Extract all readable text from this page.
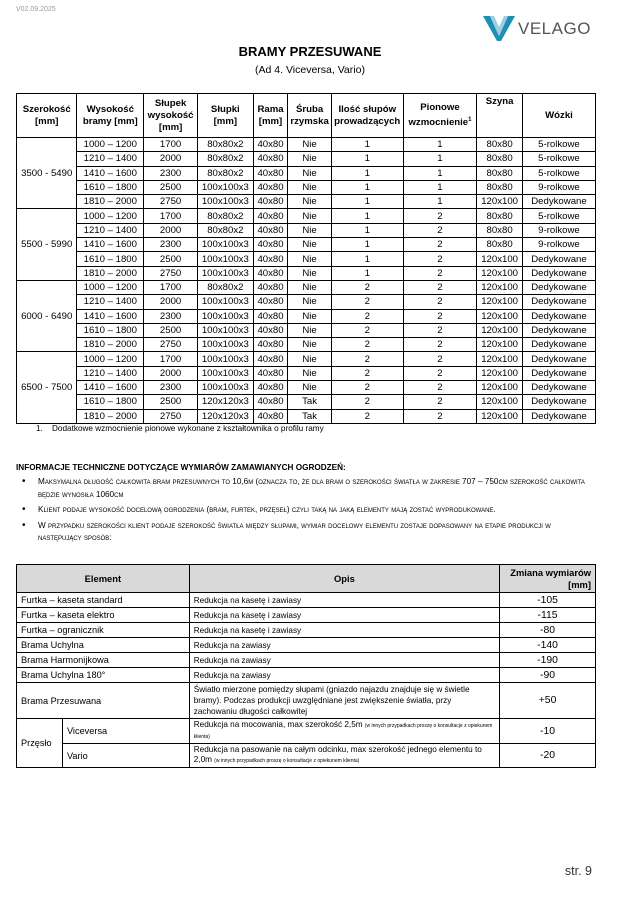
V02.09.2025
VELAGO
BRAMY PRZESUWANE
(Ad 4. Viceversa, Vario)
Szerokość [mm]	Wysokość bramy [mm]	Słupek wysokość [mm]	Słupki [mm]	Rama [mm]	Śruba rzymska	Ilość słupów prowadzących	Pionowe wzmocnienie$^1$	Szyna	Wózki
3500 - 5490	1000 – 1200	1700	80x80x2	40x80	Nie	1	1	80x80	5-rolkowe
	1210 – 1400	2000	80x80x2	40x80	Nie	1	1	80x80	5-rolkowe
	1410 – 1600	2300	80x80x2	40x80	Nie	1	1	80x80	5-rolkowe
	1610 – 1800	2500	100x100x3	40x80	Nie	1	1	80x80	9-rolkowe
	1810 – 2000	2750	100x100x3	40x80	Nie	1	1	120x100	Dedykowane
5500 - 5990	1000 – 1200	1700	80x80x2	40x80	Nie	1	2	80x80	5-rolkowe
	1210 – 1400	2000	80x80x2	40x80	Nie	1	2	80x80	9-rolkowe
	1410 – 1600	2300	100x100x3	40x80	Nie	1	2	80x80	9-rolkowe
	1610 – 1800	2500	100x100x3	40x80	Nie	1	2	120x100	Dedykowane
	1810 – 2000	2750	100x100x3	40x80	Nie	1	2	120x100	Dedykowane
6000 - 6490	1000 – 1200	1700	80x80x2	40x80	Nie	2	2	120x100	Dedykowane
	1210 – 1400	2000	100x100x3	40x80	Nie	2	2	120x100	Dedykowane
	1410 – 1600	2300	100x100x3	40x80	Nie	2	2	120x100	Dedykowane
	1610 – 1800	2500	100x100x3	40x80	Nie	2	2	120x100	Dedykowane
	1810 – 2000	2750	100x100x3	40x80	Nie	2	2	120x100	Dedykowane
6500 - 7500	1000 – 1200	1700	100x100x3	40x80	Nie	2	2	120x100	Dedykowane
	1210 – 1400	2000	100x100x3	40x80	Nie	2	2	120x100	Dedykowane
	1410 – 1600	2300	100x100x3	40x80	Nie	2	2	120x100	Dedykowane
	1610 – 1800	2500	120x120x3	40x80	Tak	2	2	120x100	Dedykowane
	1810 – 2000	2750	120x120x3	40x80	Tak	2	2	120x100	Dedykowane
1. Dodatkowe wzmocnienie pionowe wykonane z kształtownika o profilu ramy
INFORMACJE TECHNICZNE DOTYCZĄCE WYMIARÓW ZAMAWIANYCH OGRODZEŃ:
• Maksymalna długość całkowita bram przesuwnych to 10,6m (oznacza to, że dla bram o szerokości światła w zakresie 707 – 750cm szerokość całkowita będzie wynosiła 1060cm
• Klient podaje wysokość docelową ogrodzenia (bram, furtek, przęseł) czyli taką na jaką elementy mają zostać wyprodukowane.
• W przypadku szerokości klient podaje szerokość światła między słupami, wymiar docelowy elementu zostaje dopasowany na etapie produkcji w następujący sposób:
Element		Opis	Zmiana wymiarów [mm]
Furtka – kaseta standard		Redukcja na kasetę i zawiasy	-105
Furtka – kaseta elektro		Redukcja na kasetę i zawiasy	-115
Furtka – ogranicznik		Redukcja na kasetę i zawiasy	-80
Brama Uchylna		Redukcja na zawiasy	-140
Brama Harmonijkowa		Redukcja na zawiasy	-190
Brama Uchylna 180°		Redukcja na zawiasy	-90
Brama Przesuwana		Światło mierzone pomiędzy słupami (gniazdo najazdu znajduje się w świetle bramy). Podczas produkcji uwzględniane jest zwiększenie światła, przy zachowaniu długości całkowitej	+50
Przęsło	Viceversa	Redukcja na mocowania, max szerokość 2,5m (w innych przypadkach proszę o konsultacje z opiekunem klienta)	-10
	Vario	Redukcja na pasowanie na całym odcinku, max szerokość jednego elementu to 2,0m (w innych przypadkach proszę o konsultacje z opiekunem klienta)	-20
str. 9
